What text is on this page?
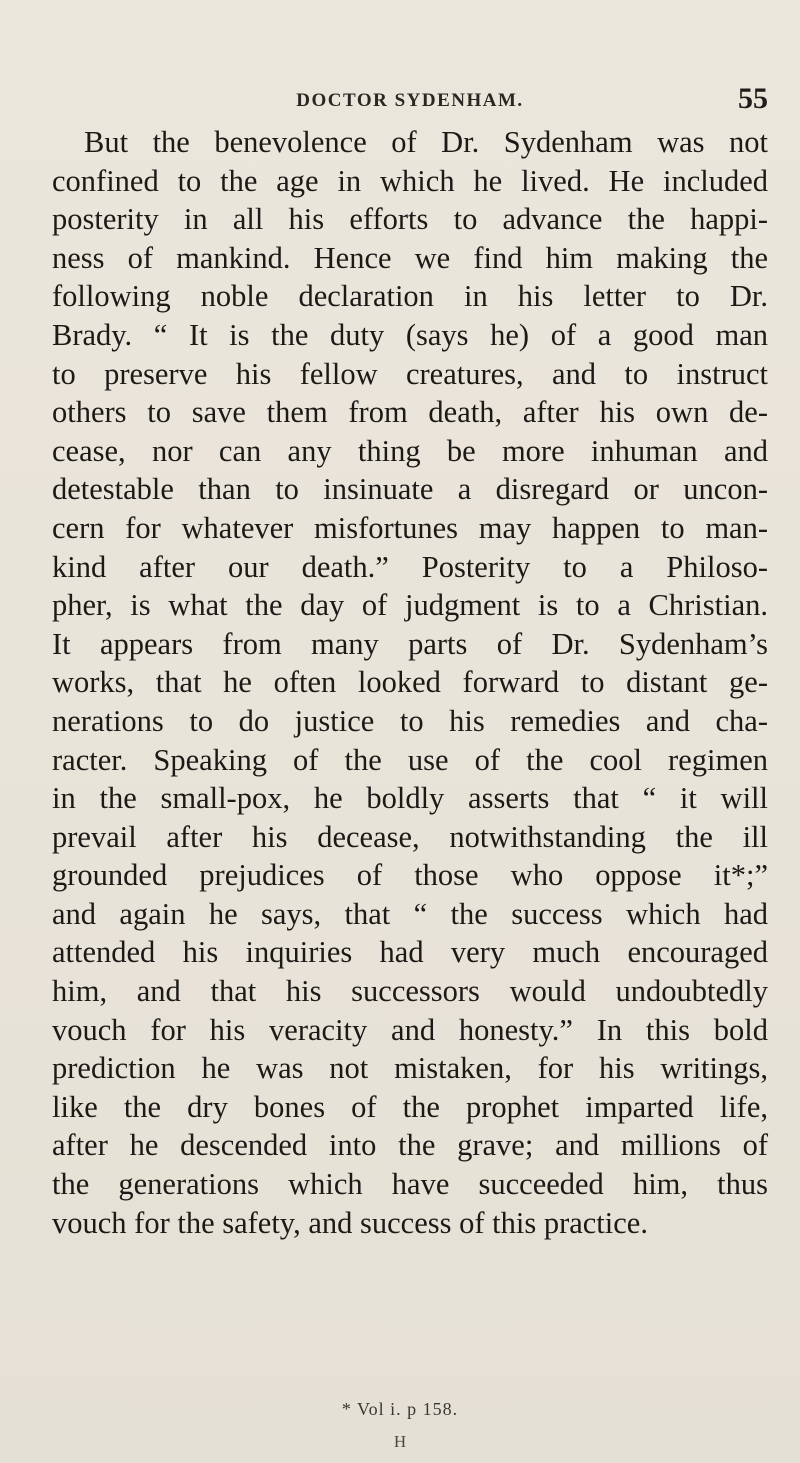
DOCTOR SYDENHAM.	55
But the benevolence of Dr. Sydenham was not
confined to the age in which he lived. He included
posterity in all his efforts to advance the happi-
ness of mankind. Hence we find him making the
following noble declaration in his letter to Dr.
Brady. “ It is the duty (says he) of a good man
to preserve his fellow creatures, and to instruct
others to save them from death, after his own de-
cease, nor can any thing be more inhuman and
detestable than to insinuate a disregard or uncon-
cern for whatever misfortunes may happen to man-
kind after our death.” Posterity to a Philoso-
pher, is what the day of judgment is to a Christian.
It appears from many parts of Dr. Sydenham’s
works, that he often looked forward to distant ge-
nerations to do justice to his remedies and cha-
racter. Speaking of the use of the cool regimen
in the small-pox, he boldly asserts that “ it will
prevail after his decease, notwithstanding the ill
grounded prejudices of those who oppose it*;”
and again he says, that “ the success which had
attended his inquiries had very much encouraged
him, and that his successors would undoubtedly
vouch for his veracity and honesty.” In this bold
prediction he was not mistaken, for his writings,
like the dry bones of the prophet imparted life,
after he descended into the grave; and millions of
the generations which have succeeded him, thus
vouch for the safety, and success of this practice.
* Vol i. p 158.
H
